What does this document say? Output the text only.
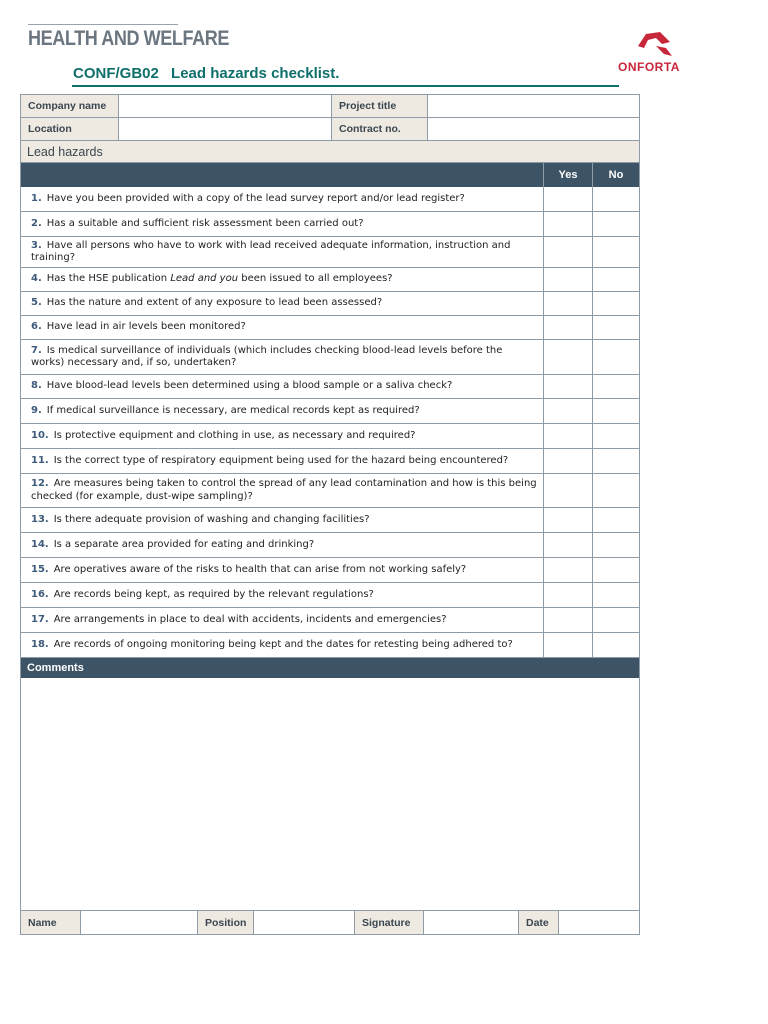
HEALTH AND WELFARE
ONFORTA
CONF/GB02 Lead hazards checklist.
Company name	Project title
Location	Contract no.
Lead hazards
Yes	No
1. Have you been provided with a copy of the lead survey report and/or lead register?
2. Has a suitable and sufficient risk assessment been carried out?
3. Have all persons who have to work with lead received adequate information, instruction and training?
4. Has the HSE publication Lead and you been issued to all employees?
5. Has the nature and extent of any exposure to lead been assessed?
6. Have lead in air levels been monitored?
7. Is medical surveillance of individuals (which includes checking blood-lead levels before the works) necessary and, if so, undertaken?
8. Have blood-lead levels been determined using a blood sample or a saliva check?
9. If medical surveillance is necessary, are medical records kept as required?
10. Is protective equipment and clothing in use, as necessary and required?
11. Is the correct type of respiratory equipment being used for the hazard being encountered?
12. Are measures being taken to control the spread of any lead contamination and how is this being checked (for example, dust-wipe sampling)?
13. Is there adequate provision of washing and changing facilities?
14. Is a separate area provided for eating and drinking?
15. Are operatives aware of the risks to health that can arise from not working safely?
16. Are records being kept, as required by the relevant regulations?
17. Are arrangements in place to deal with accidents, incidents and emergencies?
18. Are records of ongoing monitoring being kept and the dates for retesting being adhered to?
Comments
Name	Position	Signature	Date
